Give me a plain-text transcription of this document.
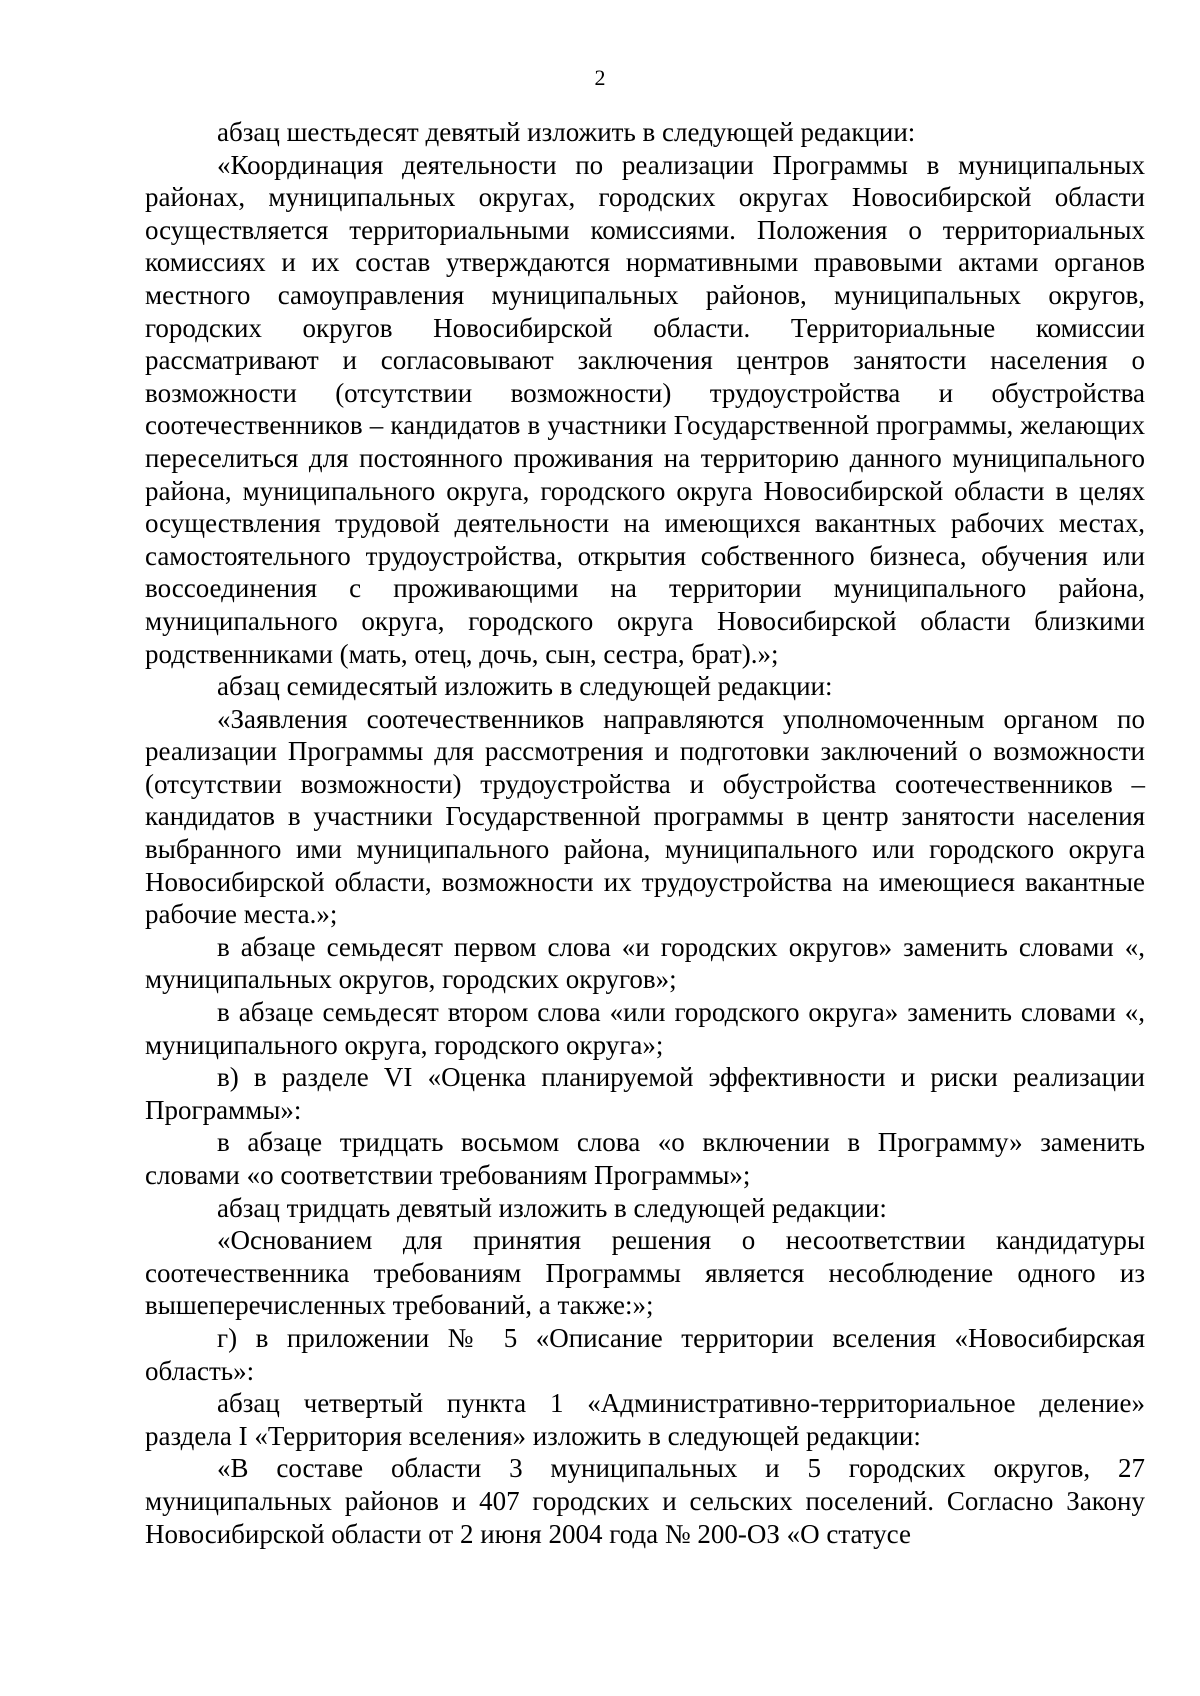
2

абзац шестьдесят девятый изложить в следующей редакции:

«Координация деятельности по реализации Программы в муниципальных районах, муниципальных округах, городских округах Новосибирской области осуществляется территориальными комиссиями. Положения о территориальных комиссиях и их состав утверждаются нормативными правовыми актами органов местного самоуправления муниципальных районов, муниципальных округов, городских округов Новосибирской области. Территориальные комиссии рассматривают и согласовывают заключения центров занятости населения о возможности (отсутствии возможности) трудоустройства и обустройства соотечественников – кандидатов в участники Государственной программы, желающих переселиться для постоянного проживания на территорию данного муниципального района, муниципального округа, городского округа Новосибирской области в целях осуществления трудовой деятельности на имеющихся вакантных рабочих местах, самостоятельного трудоустройства, открытия собственного бизнеса, обучения или воссоединения с проживающими на территории муниципального района, муниципального округа, городского округа Новосибирской области близкими родственниками (мать, отец, дочь, сын, сестра, брат).»;

абзац семидесятый изложить в следующей редакции:

«Заявления соотечественников направляются уполномоченным органом по реализации Программы для рассмотрения и подготовки заключений о возможности (отсутствии возможности) трудоустройства и обустройства соотечественников – кандидатов в участники Государственной программы в центр занятости населения выбранного ими муниципального района, муниципального или городского округа Новосибирской области, возможности их трудоустройства на имеющиеся вакантные рабочие места.»;

в абзаце семьдесят первом слова «и городских округов» заменить словами «, муниципальных округов, городских округов»;

в абзаце семьдесят втором слова «или городского округа» заменить словами «, муниципального округа, городского округа»;

в) в разделе VI «Оценка планируемой эффективности и риски реализации Программы»:

в абзаце тридцать восьмом слова «о включении в Программу» заменить словами «о соответствии требованиям Программы»;

абзац тридцать девятый изложить в следующей редакции:

«Основанием для принятия решения о несоответствии кандидатуры соотечественника требованиям Программы является несоблюдение одного из вышеперечисленных требований, а также:»;

г) в приложении № 5 «Описание территории вселения «Новосибирская область»:

абзац четвертый пункта 1 «Административно-территориальное деление» раздела I «Территория вселения» изложить в следующей редакции:

«В составе области 3 муниципальных и 5 городских округов, 27 муниципальных районов и 407 городских и сельских поселений. Согласно Закону Новосибирской области от 2 июня 2004 года № 200-ОЗ «О статусе
